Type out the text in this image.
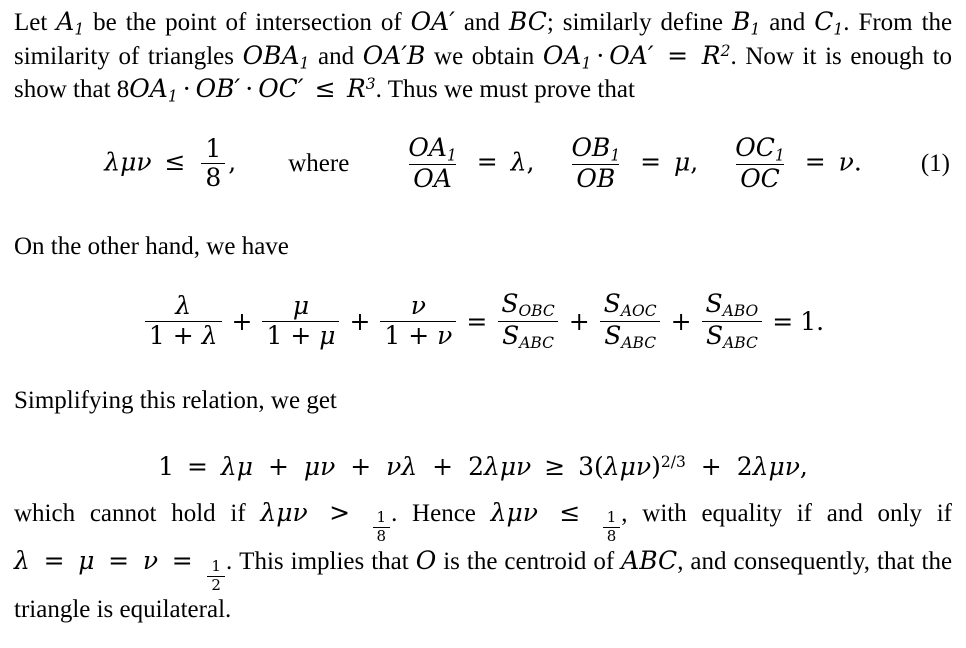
Let $A_1$ be the point of intersection of OA′ and BC; similarly define $B_1$ and $C_1$. From the similarity of triangles $OBA_1$ and OA′B we obtain $OA_1 \cdot OA' = R^2$. Now it is enough to show that $8OA_1 \cdot OB' \cdot OC' \le R^3$. Thus we must prove that
$\lambda\mu\nu \le \frac{1}{8}$ , where $\frac{OA_1}{OA} = \lambda$, $\frac{OB_1}{OB} = \mu$, $\frac{OC_1}{OC} = \nu$. (1)
On the other hand, we have
$\frac{\lambda}{1 + \lambda} + \frac{\mu}{1 + \mu} + \frac{\nu}{1 + \nu} = \frac{\text{SOBC}}{\text{SABC}} + \frac{\text{SAOC}}{\text{SABC}} + \frac{\text{SABO}}{\text{SABC}} = 1$.
Simplifying this relation, we get
$1 = \lambda\mu + \mu\nu + \nu\lambda + 2\lambda\mu\nu \ge 3(\lambda\mu\nu)^{2/3} + 2\lambda\mu\nu$,
which cannot hold if $\lambda\mu\nu > \frac{1}{8}$ . Hence $\lambda\mu\nu \le \frac{1}{8}$ , with equality if and only if $\lambda = \mu = \nu = \frac{1}{2}$ . This implies that O is the centroid of ABC, and consequently, that the triangle is equilateral.
